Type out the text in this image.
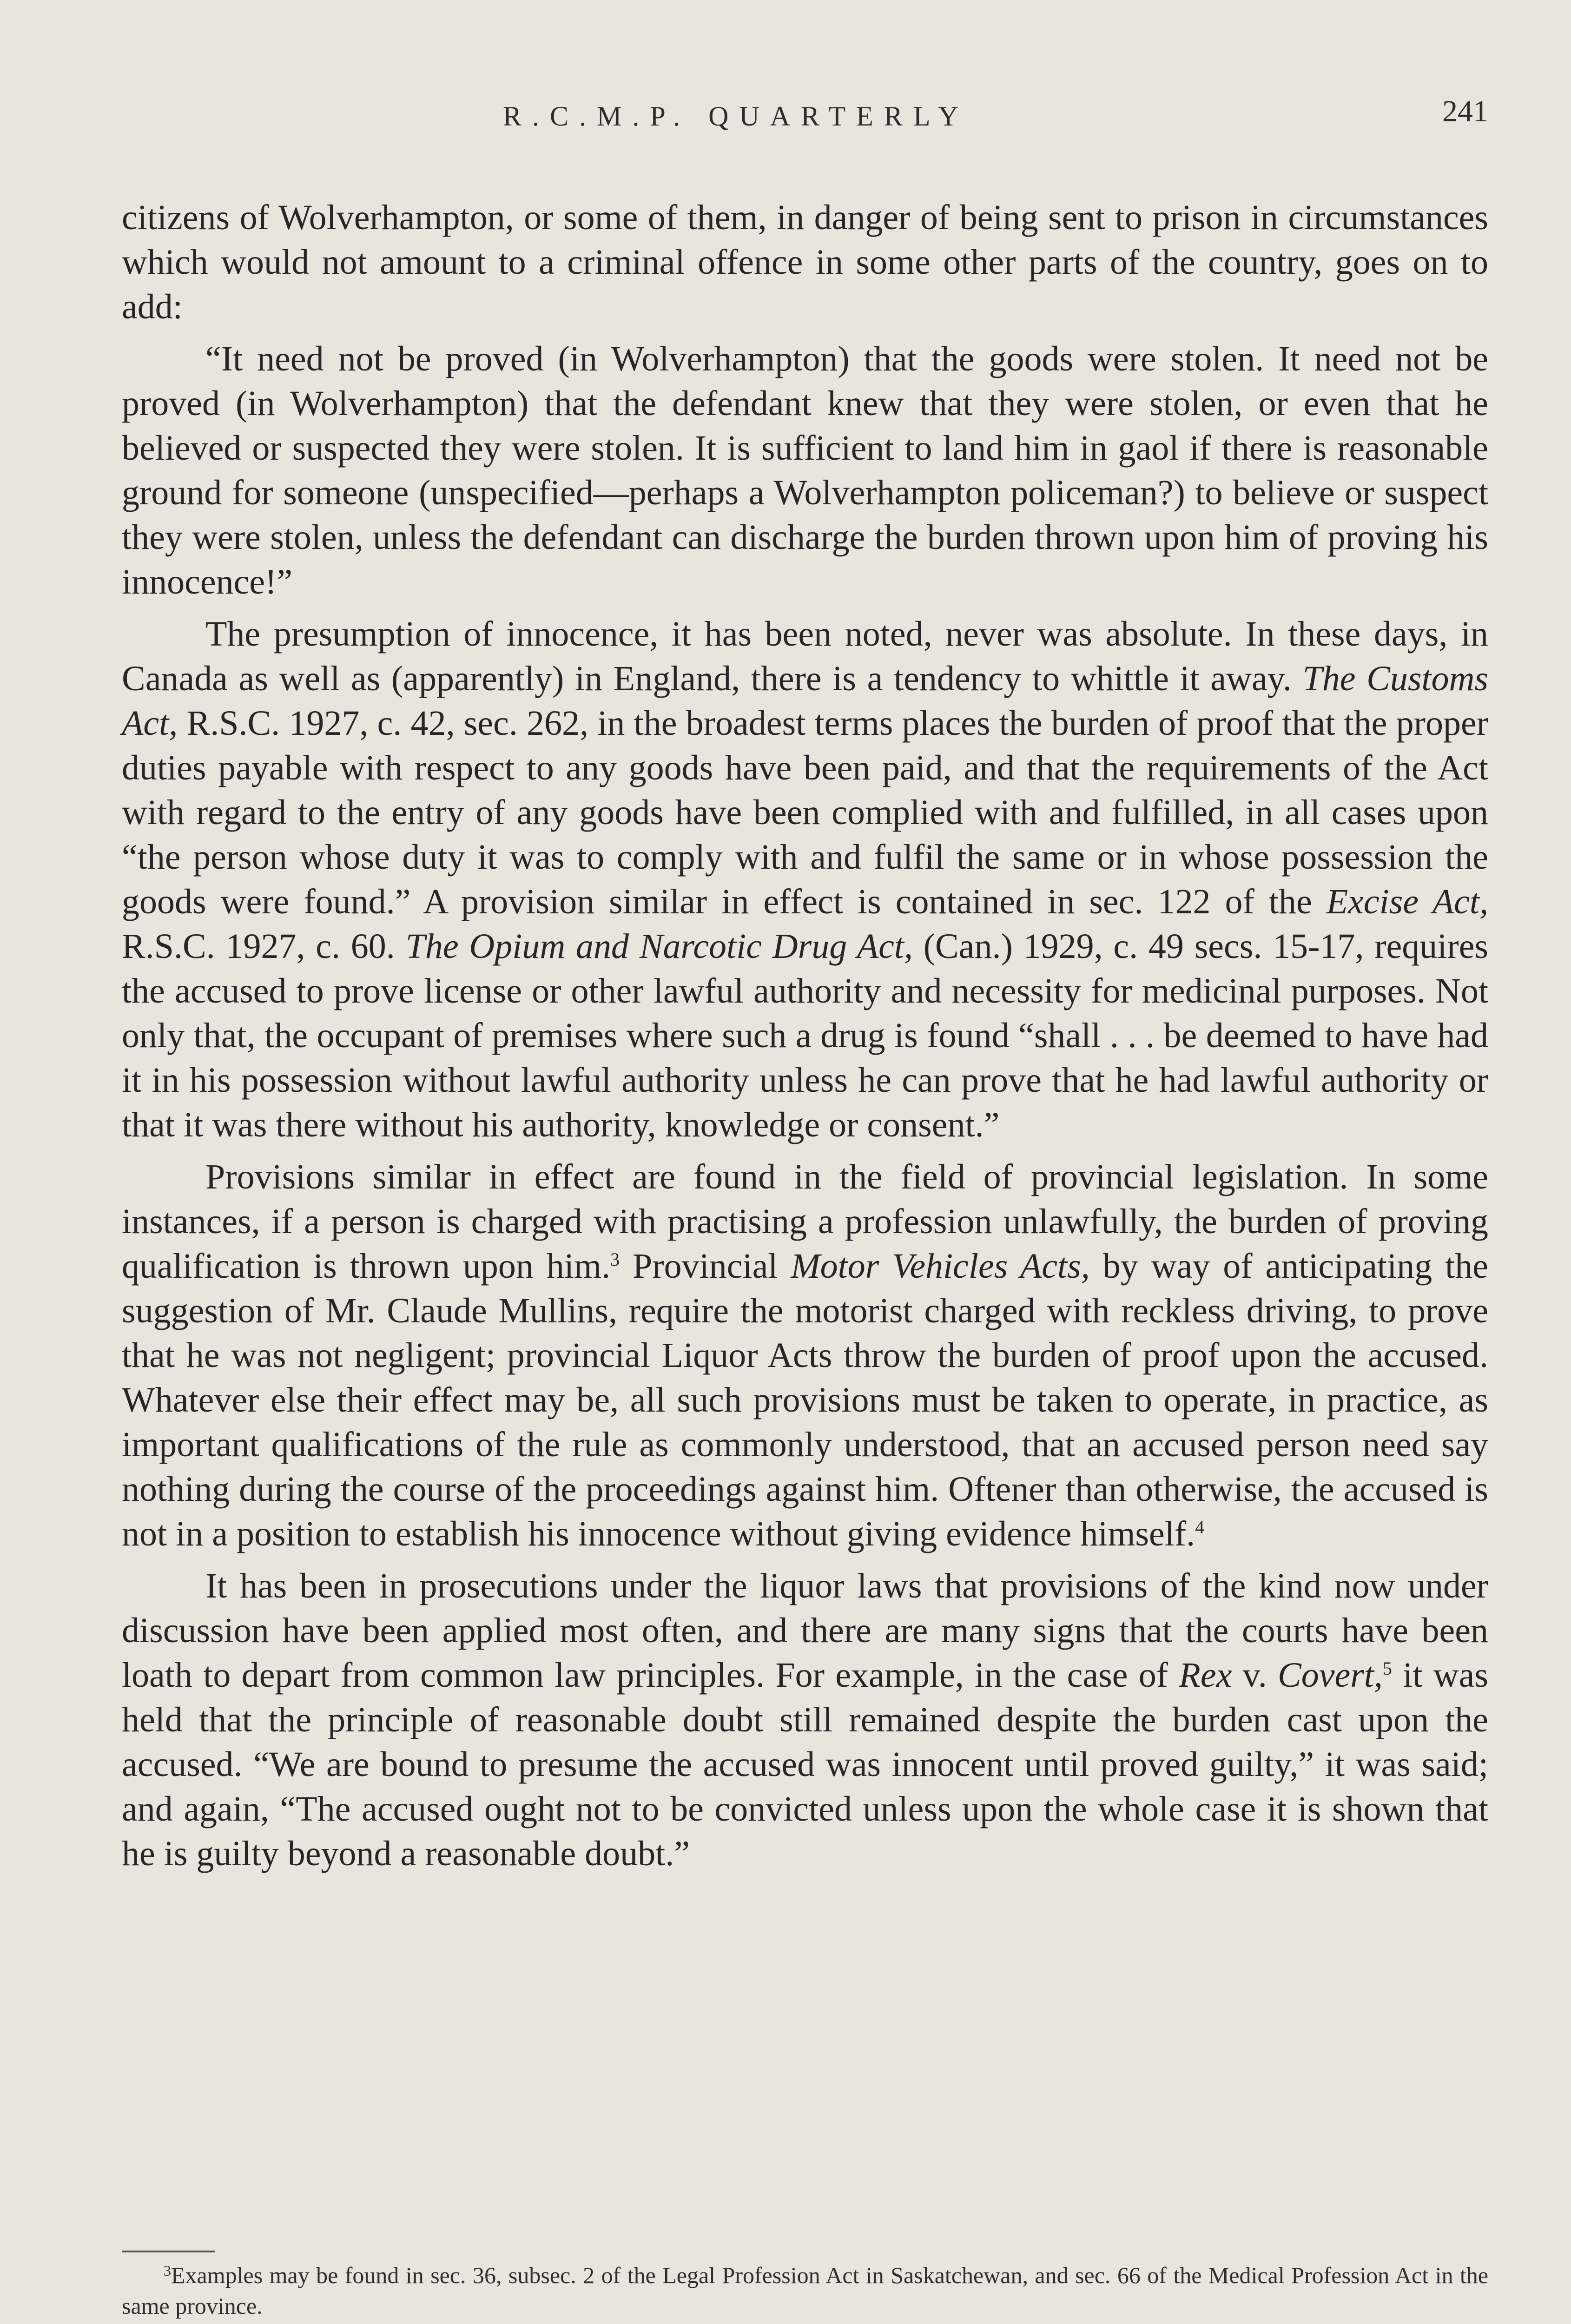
R.C.M.P. QUARTERLY	241

citizens of Wolverhampton, or some of them, in danger of being sent to prison in circumstances which would not amount to a criminal offence in some other parts of the country, goes on to add:

“It need not be proved (in Wolverhampton) that the goods were stolen. It need not be proved (in Wolverhampton) that the defendant knew that they were stolen, or even that he believed or suspected they were stolen. It is sufficient to land him in gaol if there is reasonable ground for someone (unspecified—perhaps a Wolverhampton policeman?) to believe or suspect they were stolen, unless the defendant can discharge the burden thrown upon him of proving his innocence!”

The presumption of innocence, it has been noted, never was absolute. In these days, in Canada as well as (apparently) in England, there is a tendency to whittle it away. The Customs Act, R.S.C. 1927, c. 42, sec. 262, in the broadest terms places the burden of proof that the proper duties payable with respect to any goods have been paid, and that the requirements of the Act with regard to the entry of any goods have been complied with and fulfilled, in all cases upon “the person whose duty it was to comply with and fulfil the same or in whose possession the goods were found.” A provision similar in effect is contained in sec. 122 of the Excise Act, R.S.C. 1927, c. 60. The Opium and Narcotic Drug Act, (Can.) 1929, c. 49 secs. 15-17, requires the accused to prove license or other lawful authority and necessity for medicinal purposes. Not only that, the occupant of premises where such a drug is found “shall . . . be deemed to have had it in his possession without lawful authority unless he can prove that he had lawful authority or that it was there without his authority, knowledge or consent.”

Provisions similar in effect are found in the field of provincial legislation. In some instances, if a person is charged with practising a profession unlawfully, the burden of proving qualification is thrown upon him.$^3$ Provincial Motor Vehicles Acts, by way of anticipating the suggestion of Mr. Claude Mullins, require the motorist charged with reckless driving, to prove that he was not negligent; provincial Liquor Acts throw the burden of proof upon the accused. Whatever else their effect may be, all such provisions must be taken to operate, in practice, as important qualifications of the rule as commonly understood, that an accused person need say nothing during the course of the proceedings against him. Oftener than otherwise, the accused is not in a position to establish his innocence without giving evidence himself.$^4$

It has been in prosecutions under the liquor laws that provisions of the kind now under discussion have been applied most often, and there are many signs that the courts have been loath to depart from common law principles. For example, in the case of Rex v. Covert,$^5$ it was held that the principle of reasonable doubt still remained despite the burden cast upon the accused. “We are bound to presume the accused was innocent until proved guilty,” it was said; and again, “The accused ought not to be convicted unless upon the whole case it is shown that he is guilty beyond a reasonable doubt.”

$^3$Examples may be found in sec. 36, subsec. 2 of the Legal Profession Act in Saskatchewan, and sec. 66 of the Medical Profession Act in the same province.
